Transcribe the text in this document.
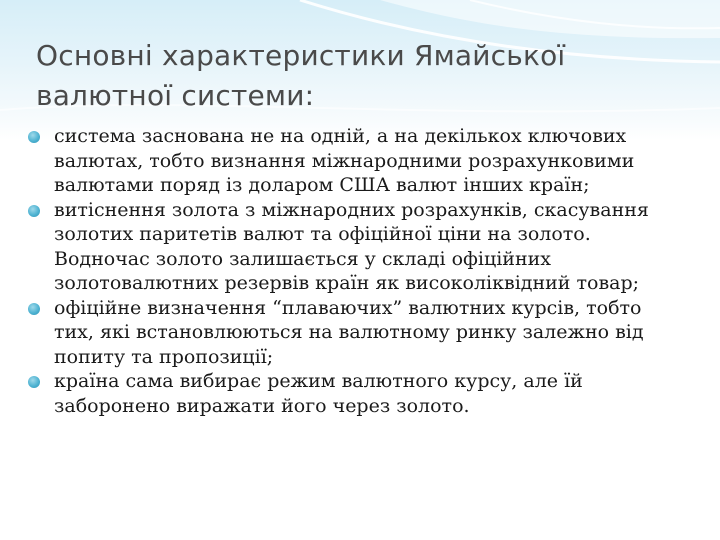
Основні характеристики Ямайської валютної системи:
система заснована не на одній, а на декількох ключових валютах, тобто визнання міжнародними розрахунковими валютами поряд із доларом США валют інших країн;
витіснення золота з міжнародних розрахунків, скасування золотих паритетів валют та офіційної ціни на золото. Водночас золото залишається у складі офіційних золотовалютних резервів країн як високоліквідний товар;
офіційне визначення “плаваючих” валютних курсів, тобто тих, які встановлюються на валютному ринку залежно від попиту та пропозиції;
країна сама вибирає режим валютного курсу, але їй заборонено виражати його через золото.
